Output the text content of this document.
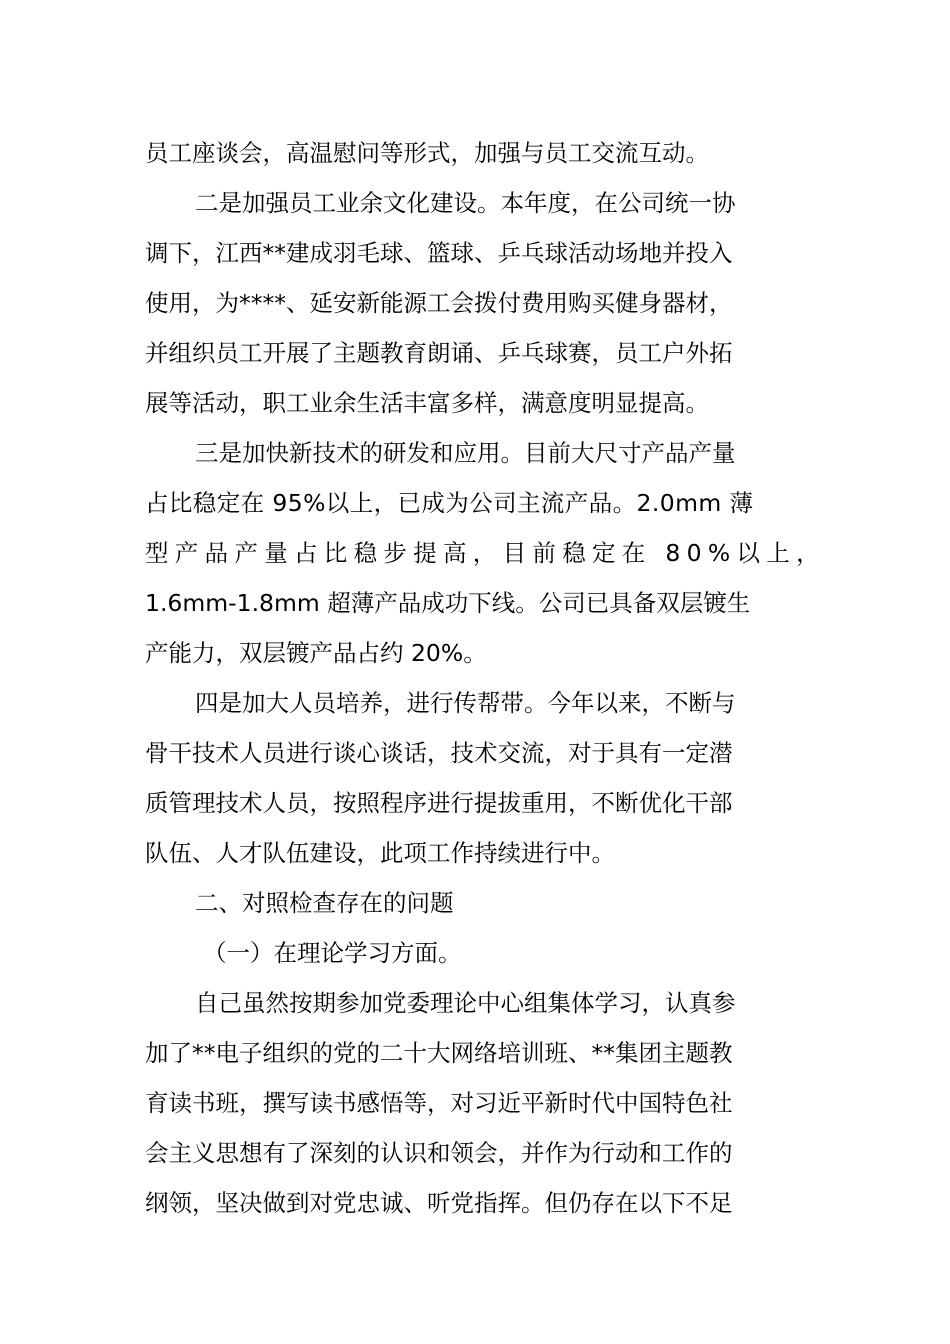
员工座谈会，高温慰问等形式，加强与员工交流互动。
二是加强员工业余文化建设。本年度，在公司统一协
调下，江西**建成羽毛球、篮球、乒乓球活动场地并投入
使用，为****、延安新能源工会拨付费用购买健身器材，
并组织员工开展了主题教育朗诵、乒乓球赛，员工户外拓
展等活动，职工业余生活丰富多样，满意度明显提高。
三是加快新技术的研发和应用。目前大尺寸产品产量
占比稳定在 95%以上，已成为公司主流产品。2.0mm 薄
型产品产量占比稳步提高，目前稳定在 80%以上，
1.6mm-1.8mm 超薄产品成功下线。公司已具备双层镀生
产能力，双层镀产品占约 20%。
四是加大人员培养，进行传帮带。今年以来，不断与
骨干技术人员进行谈心谈话，技术交流，对于具有一定潜
质管理技术人员，按照程序进行提拔重用，不断优化干部
队伍、人才队伍建设，此项工作持续进行中。
二、对照检查存在的问题
（一）在理论学习方面。
自己虽然按期参加党委理论中心组集体学习，认真参
加了**电子组织的党的二十大网络培训班、**集团主题教
育读书班，撰写读书感悟等，对习近平新时代中国特色社
会主义思想有了深刻的认识和领会，并作为行动和工作的
纲领，坚决做到对党忠诚、听党指挥。但仍存在以下不足
